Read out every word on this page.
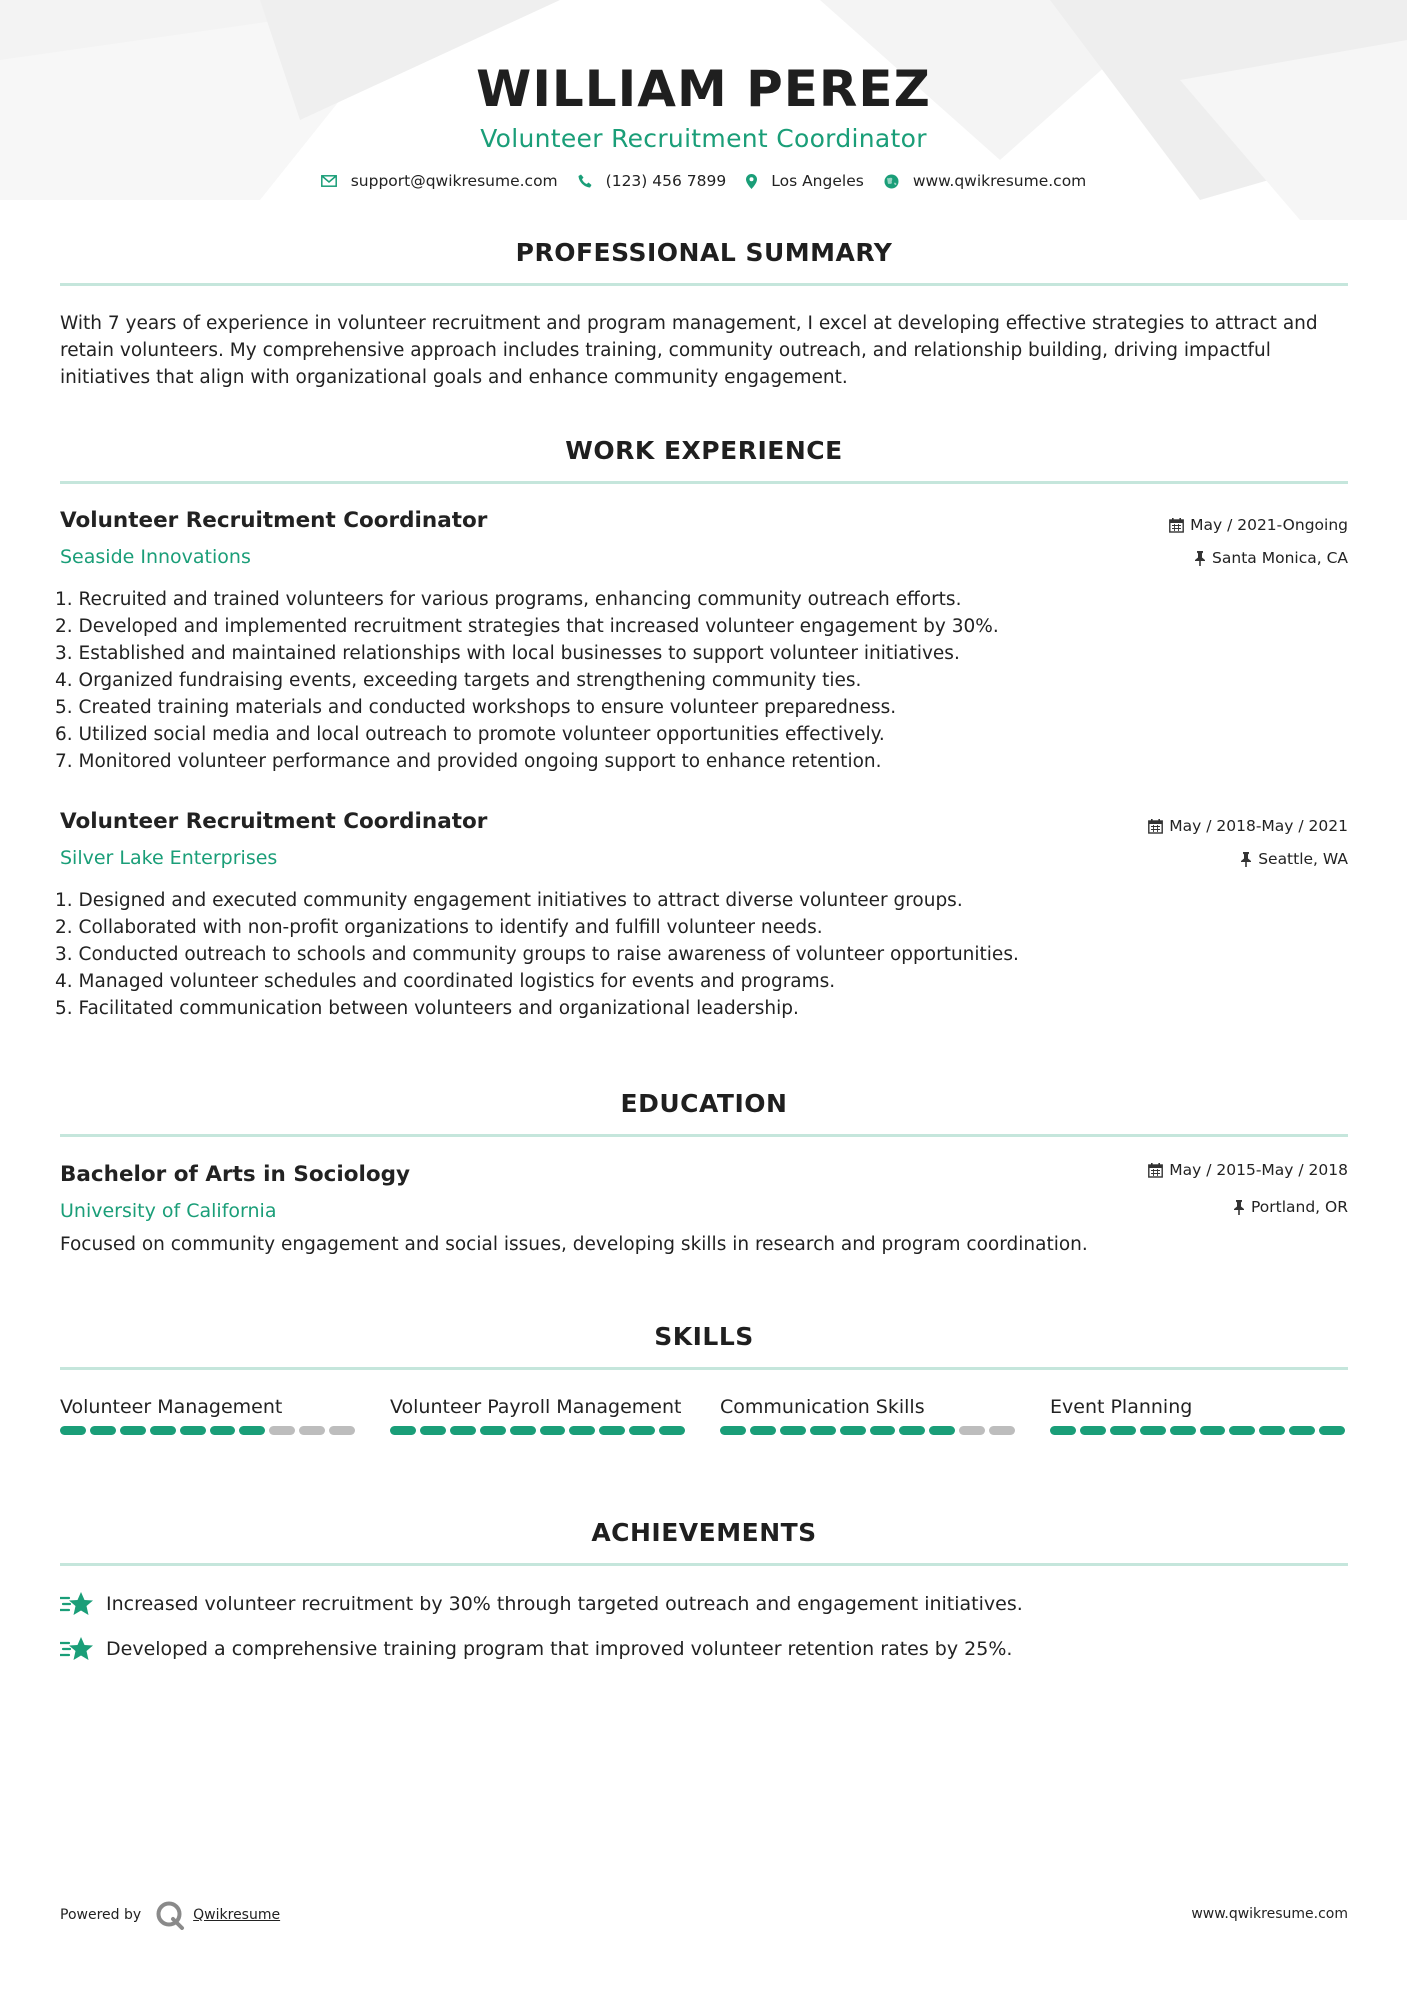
WILLIAM PEREZ
Volunteer Recruitment Coordinator
support@qwikresume.com	(123) 456 7899	Los Angeles	www.qwikresume.com
PROFESSIONAL SUMMARY
With 7 years of experience in volunteer recruitment and program management, I excel at developing effective strategies to attract and retain volunteers. My comprehensive approach includes training, community outreach, and relationship building, driving impactful initiatives that align with organizational goals and enhance community engagement.
WORK EXPERIENCE
Volunteer Recruitment Coordinator	May / 2021-Ongoing
Seaside Innovations	Santa Monica, CA
1. Recruited and trained volunteers for various programs, enhancing community outreach efforts.
2. Developed and implemented recruitment strategies that increased volunteer engagement by 30%.
3. Established and maintained relationships with local businesses to support volunteer initiatives.
4. Organized fundraising events, exceeding targets and strengthening community ties.
5. Created training materials and conducted workshops to ensure volunteer preparedness.
6. Utilized social media and local outreach to promote volunteer opportunities effectively.
7. Monitored volunteer performance and provided ongoing support to enhance retention.
Volunteer Recruitment Coordinator	May / 2018-May / 2021
Silver Lake Enterprises	Seattle, WA
1. Designed and executed community engagement initiatives to attract diverse volunteer groups.
2. Collaborated with non-profit organizations to identify and fulfill volunteer needs.
3. Conducted outreach to schools and community groups to raise awareness of volunteer opportunities.
4. Managed volunteer schedules and coordinated logistics for events and programs.
5. Facilitated communication between volunteers and organizational leadership.
EDUCATION
Bachelor of Arts in Sociology	May / 2015-May / 2018
University of California	Portland, OR
Focused on community engagement and social issues, developing skills in research and program coordination.
SKILLS
Volunteer Management	Volunteer Payroll Management	Communication Skills	Event Planning
ACHIEVEMENTS
Increased volunteer recruitment by 30% through targeted outreach and engagement initiatives.
Developed a comprehensive training program that improved volunteer retention rates by 25%.
Powered by	Qwikresume	www.qwikresume.com
